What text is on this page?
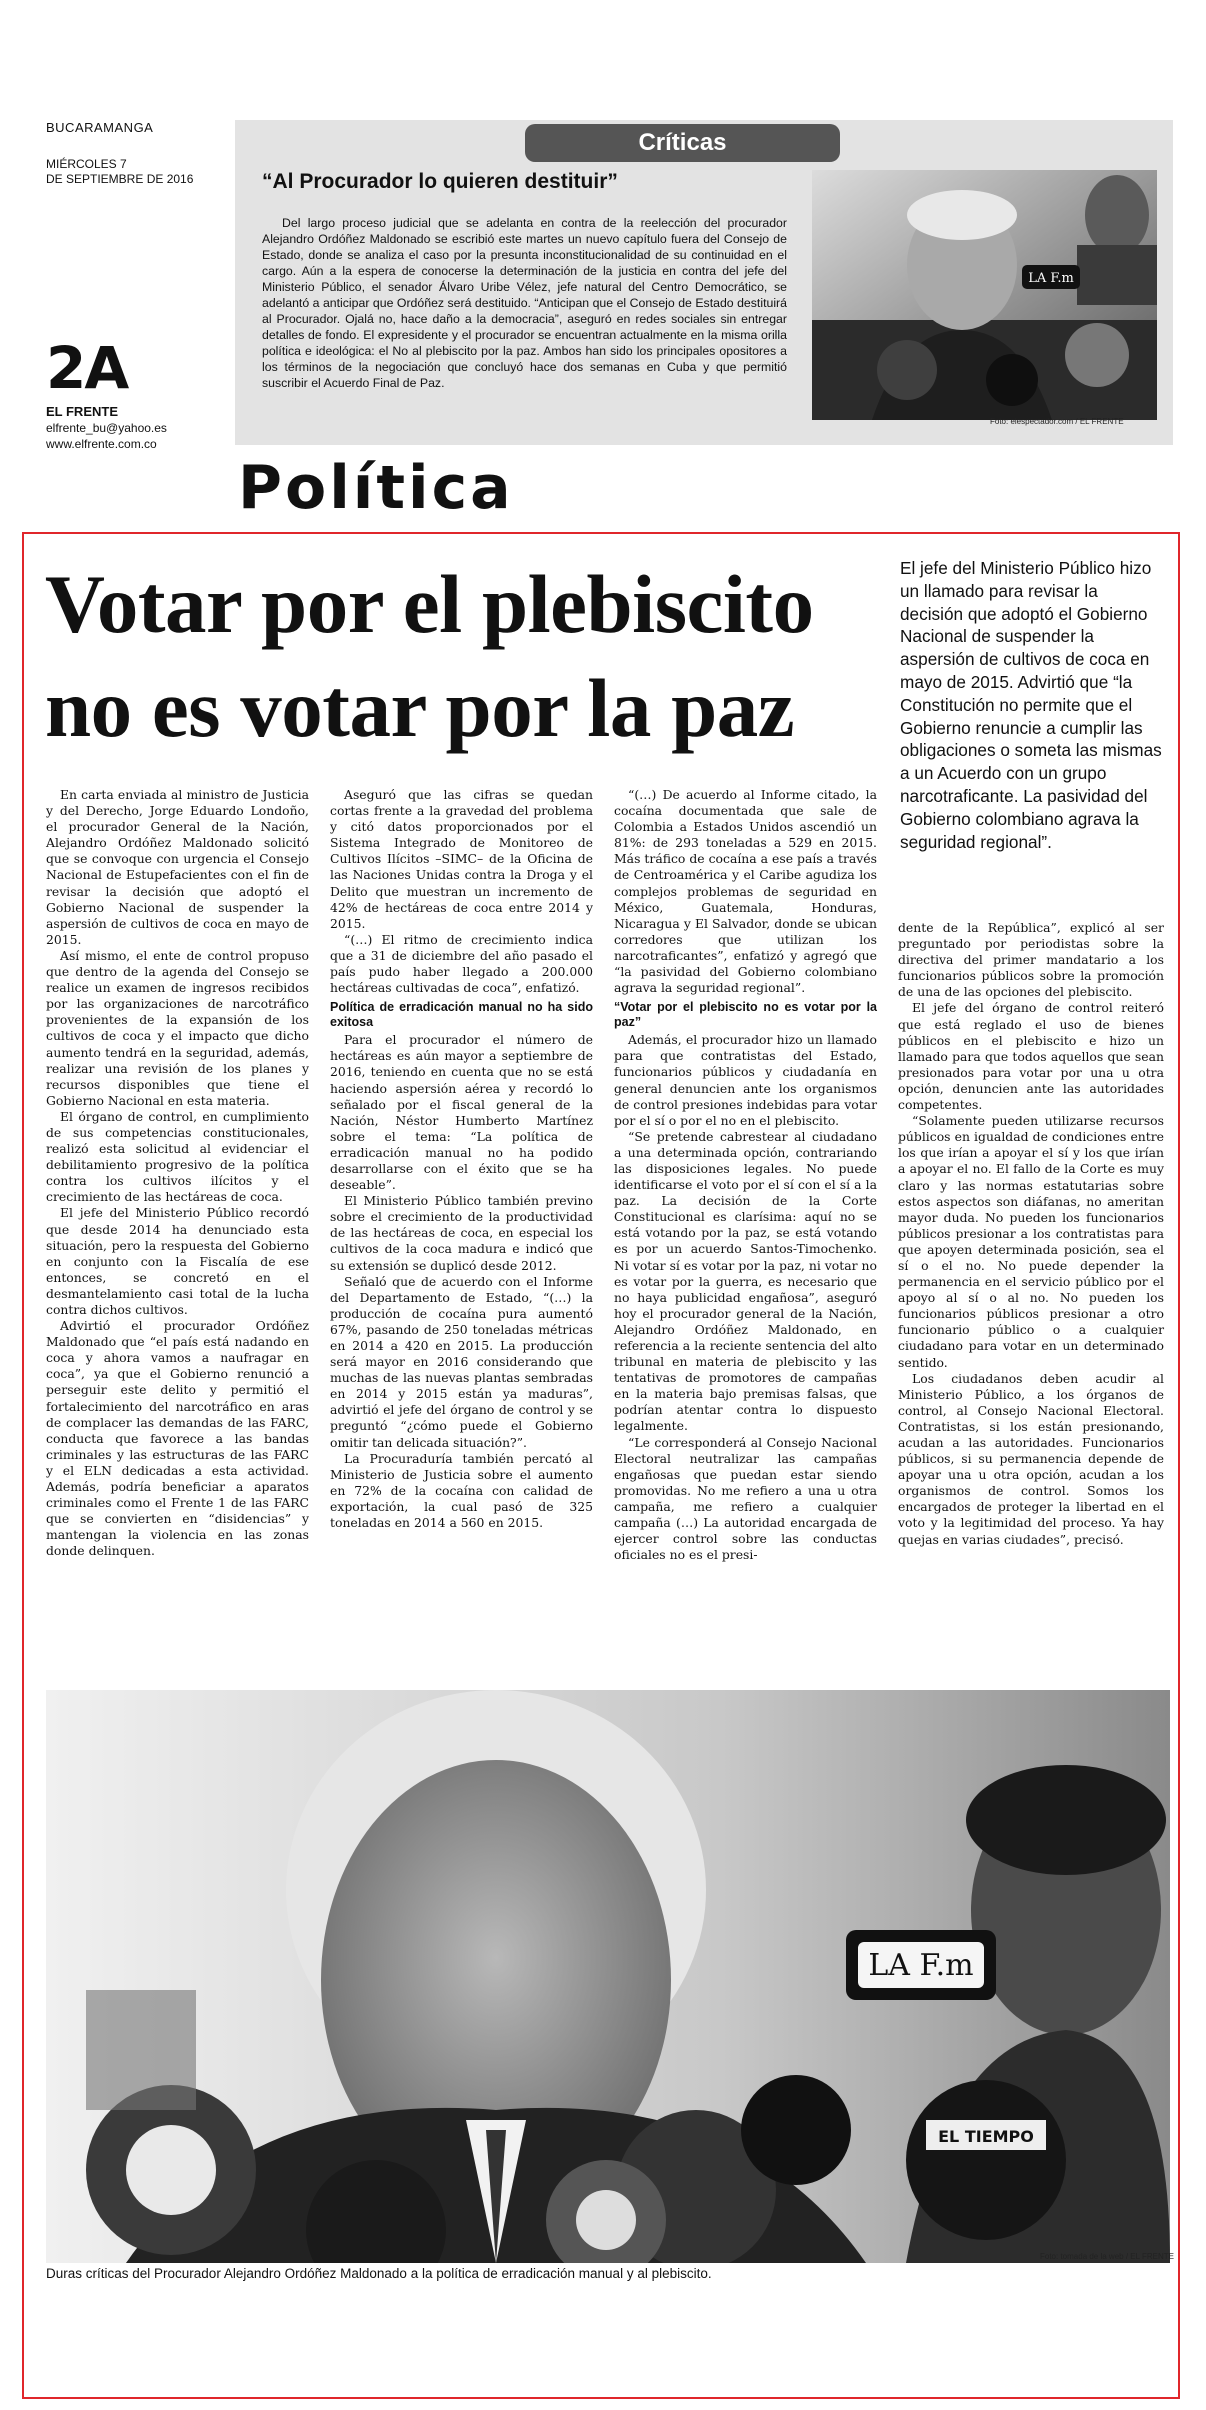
BUCARAMANGA
MIÉRCOLES 7
DE SEPTIEMBRE DE 2016
2A
EL FRENTE
elfrente_bu@yahoo.es
www.elfrente.com.co
Críticas
“Al Procurador lo quieren destituir”
Del largo proceso judicial que se adelanta en contra de la reelección del procurador Alejandro Ordóñez Maldonado se escribió este martes un nuevo capítulo fuera del Consejo de Estado, donde se analiza el caso por la presunta inconstitucionalidad de su continuidad en el cargo. Aún a la espera de conocerse la determinación de la justicia en contra del jefe del Ministerio Público, el senador Álvaro Uribe Vélez, jefe natural del Centro Democrático, se adelantó a anticipar que Ordóñez será destituido. “Anticipan que el Consejo de Estado destituirá al Procurador. Ojalá no, hace daño a la democracia”, aseguró en redes sociales sin entregar detalles de fondo. El expresidente y el procurador se encuentran actualmente en la misma orilla política e ideológica: el No al plebiscito por la paz. Ambos han sido los principales opositores a los términos de la negociación que concluyó hace dos semanas en Cuba y que permitió suscribir el Acuerdo Final de Paz.
LA F.m
Foto: elespectador.com / EL FRENTE
Política
Votar por el plebiscito no es votar por la paz
El jefe del Ministerio Público hizo un llamado para revisar la decisión que adoptó el Gobierno Nacional de suspender la aspersión de cultivos de coca en mayo de 2015. Advirtió que “la Constitución no permite que el Gobierno renuncie a cumplir las obligaciones o someta las mismas a un Acuerdo con un grupo narcotraficante. La pasividad del Gobierno colombiano agrava la seguridad regional”.

En carta enviada al ministro de Justicia y del Derecho, Jorge Eduardo Londoño, el procurador General de la Nación, Alejandro Ordóñez Maldonado solicitó que se convoque con urgencia el Consejo Nacional de Estupefacientes con el fin de revisar la decisión que adoptó el Gobierno Nacional de suspender la aspersión de cultivos de coca en mayo de 2015.

Así mismo, el ente de control propuso que dentro de la agenda del Consejo se realice un examen de ingresos recibidos por las organizaciones de narcotráfico provenientes de la expansión de los cultivos de coca y el impacto que dicho aumento tendrá en la seguridad, además, realizar una revisión de los planes y recursos disponibles que tiene el Gobierno Nacional en esta materia.

El órgano de control, en cumplimiento de sus competencias constitucionales, realizó esta solicitud al evidenciar el debilitamiento progresivo de la política contra los cultivos ilícitos y el crecimiento de las hectáreas de coca.

El jefe del Ministerio Público recordó que desde 2014 ha denunciado esta situación, pero la respuesta del Gobierno en conjunto con la Fiscalía de ese entonces, se concretó en el desmantelamiento casi total de la lucha contra dichos cultivos.

Advirtió el procurador Ordóñez Maldonado que “el país está nadando en coca y ahora vamos a naufragar en coca”, ya que el Gobierno renunció a perseguir este delito y permitió el fortalecimiento del narcotráfico en aras de complacer las demandas de las FARC, conducta que favorece a las bandas criminales y las estructuras de las FARC y el ELN dedicadas a esta actividad. Además, podría beneficiar a aparatos criminales como el Frente 1 de las FARC que se convierten en “disidencias” y mantengan la violencia en las zonas donde delinquen.

Aseguró que las cifras se quedan cortas frente a la gravedad del problema y citó datos proporcionados por el Sistema Integrado de Monitoreo de Cultivos Ilícitos –SIMC– de la Oficina de las Naciones Unidas contra la Droga y el Delito que muestran un incremento de 42% de hectáreas de coca entre 2014 y 2015.

“(…) El ritmo de crecimiento indica que a 31 de diciembre del año pasado el país pudo haber llegado a 200.000 hectáreas cultivadas de coca”, enfatizó.

Política de erradicación manual no ha sido exitosa

Para el procurador el número de hectáreas es aún mayor a septiembre de 2016, teniendo en cuenta que no se está haciendo aspersión aérea y recordó lo señalado por el fiscal general de la Nación, Néstor Humberto Martínez sobre el tema: “La política de erradicación manual no ha podido desarrollarse con el éxito que se ha deseable”.

El Ministerio Público también previno sobre el crecimiento de la productividad de las hectáreas de coca, en especial los cultivos de la coca madura e indicó que su extensión se duplicó desde 2012.

Señaló que de acuerdo con el Informe del Departamento de Estado, “(…) la producción de cocaína pura aumentó 67%, pasando de 250 toneladas métricas en 2014 a 420 en 2015. La producción será mayor en 2016 considerando que muchas de las nuevas plantas sembradas en 2014 y 2015 están ya maduras”, advirtió el jefe del órgano de control y se preguntó “¿cómo puede el Gobierno omitir tan delicada situación?”.

La Procuraduría también percató al Ministerio de Justicia sobre el aumento en 72% de la cocaína con calidad de exportación, la cual pasó de 325 toneladas en 2014 a 560 en 2015.

“(…) De acuerdo al Informe citado, la cocaína documentada que sale de Colombia a Estados Unidos ascendió un 81%: de 293 toneladas a 529 en 2015. Más tráfico de cocaína a ese país a través de Centroamérica y el Caribe agudiza los complejos problemas de seguridad en México, Guatemala, Honduras, Nicaragua y El Salvador, donde se ubican corredores que utilizan los narcotraficantes”, enfatizó y agregó que “la pasividad del Gobierno colombiano agrava la seguridad regional”.

“Votar por el plebiscito no es votar por la paz”

Además, el procurador hizo un llamado para que contratistas del Estado, funcionarios públicos y ciudadanía en general denuncien ante los organismos de control presiones indebidas para votar por el sí o por el no en el plebiscito.

“Se pretende cabrestear al ciudadano a una determinada opción, contrariando las disposiciones legales. No puede identificarse el voto por el sí con el sí a la paz. La decisión de la Corte Constitucional es clarísima: aquí no se está votando por la paz, se está votando es por un acuerdo Santos-Timochenko. Ni votar sí es votar por la paz, ni votar no es votar por la guerra, es necesario que no haya publicidad engañosa”, aseguró hoy el procurador general de la Nación, Alejandro Ordóñez Maldonado, en referencia a la reciente sentencia del alto tribunal en materia de plebiscito y las tentativas de promotores de campañas en la materia bajo premisas falsas, que podrían atentar contra lo dispuesto legalmente.

“Le corresponderá al Consejo Nacional Electoral neutralizar las campañas engañosas que puedan estar siendo promovidas. No me refiero a una u otra campaña, me refiero a cualquier campaña (…) La autoridad encargada de ejercer control sobre las conductas oficiales no es el presi-

dente de la República”, explicó al ser preguntado por periodistas sobre la directiva del primer mandatario a los funcionarios públicos sobre la promoción de una de las opciones del plebiscito.

El jefe del órgano de control reiteró que está reglado el uso de bienes públicos en el plebiscito e hizo un llamado para que todos aquellos que sean presionados para votar por una u otra opción, denuncien ante las autoridades competentes.

“Solamente pueden utilizarse recursos públicos en igualdad de condiciones entre los que irían a apoyar el sí y los que irían a apoyar el no. El fallo de la Corte es muy claro y las normas estatutarias sobre estos aspectos son diáfanas, no ameritan mayor duda. No pueden los funcionarios públicos presionar a los contratistas para que apoyen determinada posición, sea el sí o el no. No puede depender la permanencia en el servicio público por el apoyo al sí o al no. No pueden los funcionarios públicos presionar a otro funcionario público o a cualquier ciudadano para votar en un determinado sentido.

Los ciudadanos deben acudir al Ministerio Público, a los órganos de control, al Consejo Nacional Electoral. Contratistas, si los están presionando, acudan a las autoridades. Funcionarios públicos, si su permanencia depende de apoyar una u otra opción, acudan a los organismos de control. Somos los encargados de proteger la libertad en el voto y la legitimidad del proceso. Ya hay quejas en varias ciudades”, precisó.

LA F.m
EL TIEMPO
Foto: tomada de la web / EL FRENTE
Duras críticas del Procurador Alejandro Ordóñez Maldonado a la política de erradicación manual y al plebiscito.
